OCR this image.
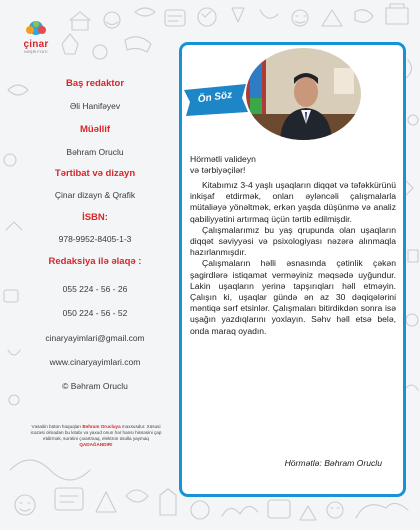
çinar
NƏŞRİYYATI

Baş redaktor

Əli Hanifəyev

Müəllif

Bəhram Oruclu

Tərtibat və dizayn

Çinar dizayn & Qrafik

İSBN:

978-9952-8405-1-3

Redaksiya ilə əlaqə :

055 224 - 56 - 26

050 224 - 56 - 52

cinaryayimlari@gmail.com

www.cinaryayimlari.com

© Bəhram Oruclu

Vəsaitin bütün hüquqları Bəhram Orucluya məxsusdur. Xüsusi icazəsi olmadan bu kitabı və yaxud onun hər hansı hissəsini çap etdirmək, surətini çıxartmaq, elektron üsulla yaymaq QADAĞANDIR!
Ön Söz
Hörmətli valideyn
və tərbiyəçilər!

Kitabımız 3-4 yaşlı uşaqların diqqət və təfəkkürünü inkişaf etdirmək, onları əyləncəli çalışmalarla mütaliəyə yönəltmək, erkən yaşda düşünmə və analiz qabiliyyətini artırmaq üçün tərtib edilmişdir.

Çalışmalarımız bu yaş qrupunda olan uşaqların diqqət səviyyəsi və psixologiyası nəzərə alınmaqla hazırlanmışdır.

Çalışmaların həlli əsnasında çətinlik çəkən şagirdlərə istiqamət verməyiniz məqsədə uyğundur. Lakin uşaqların yerinə tapşırıqları həll etməyin. Çalışın ki, uşaqlar gündə ən az 30 dəqiqələrini məntiqə sərf etsinlər. Çalışmaları bitirdikdən sonra isə uşağın yazdıqlarını yoxlayın. Səhv həll etsə belə, onda maraq oyadın.

Hörmətlə: Bəhram Oruclu
